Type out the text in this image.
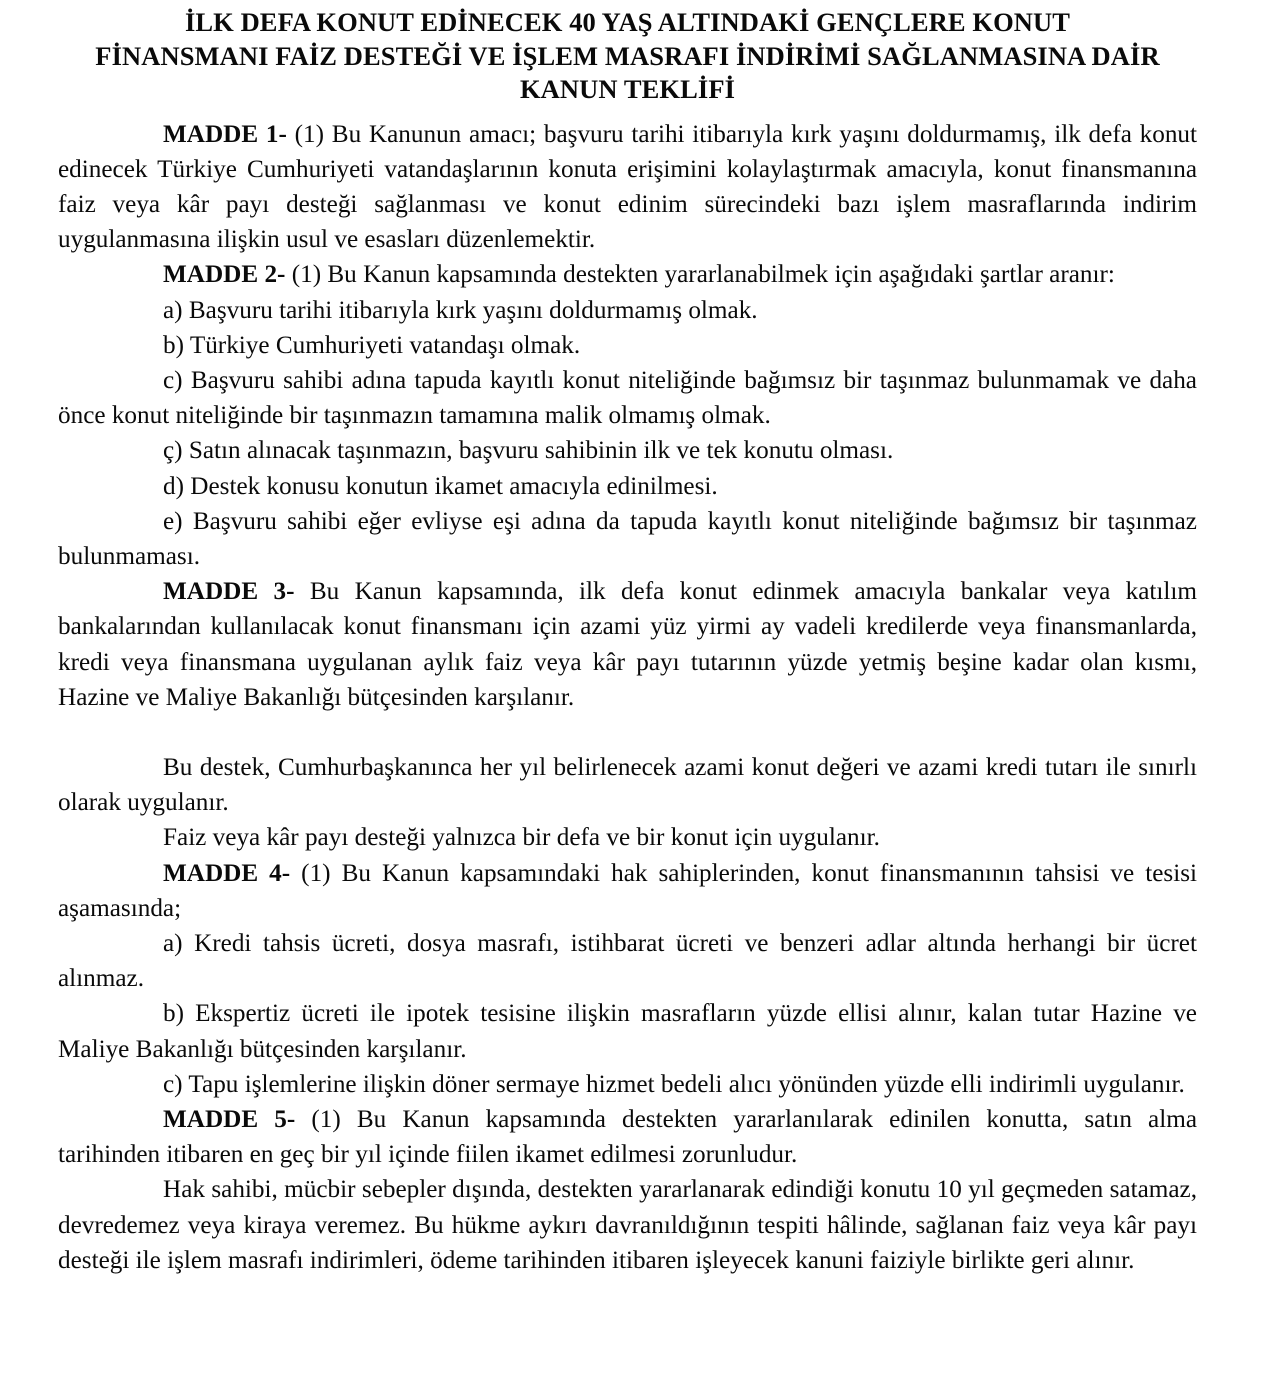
İLK DEFA KONUT EDİNECEK 40 YAŞ ALTINDAKİ GENÇLERE KONUT
FİNANSMANI FAİZ DESTEĞİ VE İŞLEM MASRAFI İNDİRİMİ SAĞLANMASINA DAİR
KANUN TEKLİFİ

MADDE 1- (1) Bu Kanunun amacı; başvuru tarihi itibarıyla kırk yaşını doldurmamış, ilk defa konut edinecek Türkiye Cumhuriyeti vatandaşlarının konuta erişimini kolaylaştırmak amacıyla, konut finansmanına faiz veya kâr payı desteği sağlanması ve konut edinim sürecindeki bazı işlem masraflarında indirim uygulanmasına ilişkin usul ve esasları düzenlemektir.

MADDE 2- (1) Bu Kanun kapsamında destekten yararlanabilmek için aşağıdaki şartlar aranır:

a) Başvuru tarihi itibarıyla kırk yaşını doldurmamış olmak.

b) Türkiye Cumhuriyeti vatandaşı olmak.

c) Başvuru sahibi adına tapuda kayıtlı konut niteliğinde bağımsız bir taşınmaz bulunmamak ve daha önce konut niteliğinde bir taşınmazın tamamına malik olmamış olmak.

ç) Satın alınacak taşınmazın, başvuru sahibinin ilk ve tek konutu olması.

d) Destek konusu konutun ikamet amacıyla edinilmesi.

e) Başvuru sahibi eğer evliyse eşi adına da tapuda kayıtlı konut niteliğinde bağımsız bir taşınmaz bulunmaması.

MADDE 3- Bu Kanun kapsamında, ilk defa konut edinmek amacıyla bankalar veya katılım bankalarından kullanılacak konut finansmanı için azami yüz yirmi ay vadeli kredilerde veya finansmanlarda, kredi veya finansmana uygulanan aylık faiz veya kâr payı tutarının yüzde yetmiş beşine kadar olan kısmı, Hazine ve Maliye Bakanlığı bütçesinden karşılanır.

Bu destek, Cumhurbaşkanınca her yıl belirlenecek azami konut değeri ve azami kredi tutarı ile sınırlı olarak uygulanır.

Faiz veya kâr payı desteği yalnızca bir defa ve bir konut için uygulanır.

MADDE 4- (1) Bu Kanun kapsamındaki hak sahiplerinden, konut finansmanının tahsisi ve tesisi aşamasında;

a) Kredi tahsis ücreti, dosya masrafı, istihbarat ücreti ve benzeri adlar altında herhangi bir ücret alınmaz.

b) Ekspertiz ücreti ile ipotek tesisine ilişkin masrafların yüzde ellisi alınır, kalan tutar Hazine ve Maliye Bakanlığı bütçesinden karşılanır.

c) Tapu işlemlerine ilişkin döner sermaye hizmet bedeli alıcı yönünden yüzde elli indirimli uygulanır.

MADDE 5- (1) Bu Kanun kapsamında destekten yararlanılarak edinilen konutta, satın alma tarihinden itibaren en geç bir yıl içinde fiilen ikamet edilmesi zorunludur.

Hak sahibi, mücbir sebepler dışında, destekten yararlanarak edindiği konutu 10 yıl geçmeden satamaz, devredemez veya kiraya veremez. Bu hükme aykırı davranıldığının tespiti hâlinde, sağlanan faiz veya kâr payı desteği ile işlem masrafı indirimleri, ödeme tarihinden itibaren işleyecek kanuni faiziyle birlikte geri alınır.
